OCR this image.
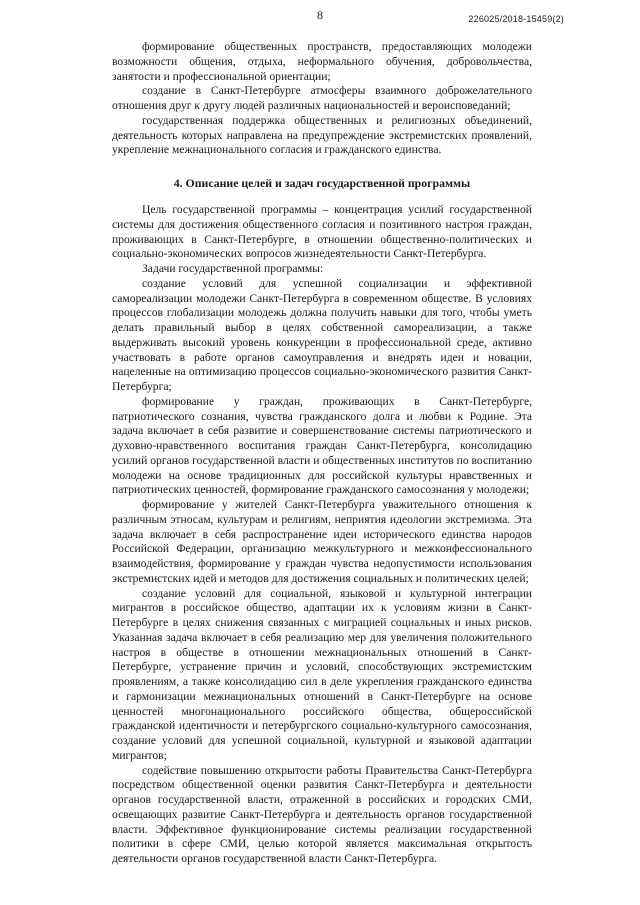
8	226025/2018-15459(2)

формирование общественных пространств, предоставляющих молодежи возможности общения, отдыха, неформального обучения, добровольчества, занятости и профессиональной ориентации;

создание в Санкт-Петербурге атмосферы взаимного доброжелательного отношения друг к другу людей различных национальностей и вероисповеданий;

государственная поддержка общественных и религиозных объединений, деятельность которых направлена на предупреждение экстремистских проявлений, укрепление межнационального согласия и гражданского единства.

4. Описание целей и задач государственной программы

Цель государственной программы – концентрация усилий государственной системы для достижения общественного согласия и позитивного настроя граждан, проживающих в Санкт-Петербурге, в отношении общественно-политических и социально-экономических вопросов жизнедеятельности Санкт-Петербурга.

Задачи государственной программы:

создание условий для успешной социализации и эффективной самореализации молодежи Санкт-Петербурга в современном обществе. В условиях процессов глобализации молодежь должна получить навыки для того, чтобы уметь делать правильный выбор в целях собственной самореализации, а также выдерживать высокий уровень конкуренции в профессиональной среде, активно участвовать в работе органов самоуправления и внедрять идеи и новации, нацеленные на оптимизацию процессов социально-экономического развития Санкт-Петербурга;

формирование у граждан, проживающих в Санкт-Петербурге, патриотического сознания, чувства гражданского долга и любви к Родине. Эта задача включает в себя развитие и совершенствование системы патриотического и духовно-нравственного воспитания граждан Санкт-Петербурга, консолидацию усилий органов государственной власти и общественных институтов по воспитанию молодежи на основе традиционных для российской культуры нравственных и патриотических ценностей, формирование гражданского самосознания у молодежи;

формирование у жителей Санкт-Петербурга уважительного отношения к различным этносам, культурам и религиям, неприятия идеологии экстремизма. Эта задача включает в себя распространение идеи исторического единства народов Российской Федерации, организацию межкультурного и межконфессионального взаимодействия, формирование у граждан чувства недопустимости использования экстремистских идей и методов для достижения социальных и политических целей;

создание условий для социальной, языковой и культурной интеграции мигрантов в российское общество, адаптации их к условиям жизни в Санкт-Петербурге в целях снижения связанных с миграцией социальных и иных рисков. Указанная задача включает в себя реализацию мер для увеличения положительного настроя в обществе в отношении межнациональных отношений в Санкт-Петербурге, устранение причин и условий, способствующих экстремистским проявлениям, а также консолидацию сил в деле укрепления гражданского единства и гармонизации межнациональных отношений в Санкт-Петербурге на основе ценностей многонационального российского общества, общероссийской гражданской идентичности и петербургского социально-культурного самосознания, создание условий для успешной социальной, культурной и языковой адаптации мигрантов;

содействие повышению открытости работы Правительства Санкт-Петербурга посредством общественной оценки развития Санкт-Петербурга и деятельности органов государственной власти, отраженной в российских и городских СМИ, освещающих развитие Санкт-Петербурга и деятельность органов государственной власти. Эффективное функционирование системы реализации государственной политики в сфере СМИ, целью которой является максимальная открытость деятельности органов государственной власти Санкт-Петербурга.
